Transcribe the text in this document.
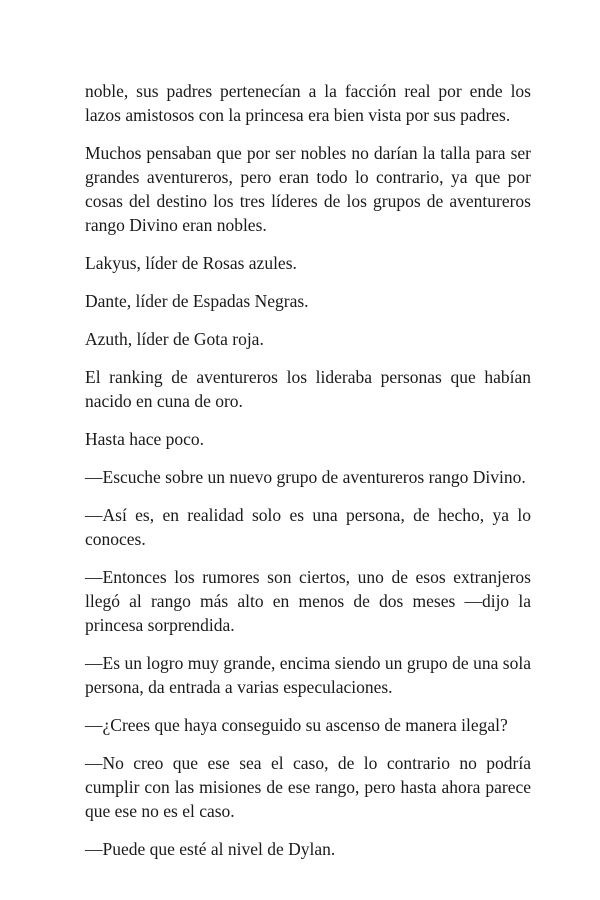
noble, sus padres pertenecían a la facción real por ende los lazos amistosos con la princesa era bien vista por sus padres.

Muchos pensaban que por ser nobles no darían la talla para ser grandes aventureros, pero eran todo lo contrario, ya que por cosas del destino los tres líderes de los grupos de aventureros rango Divino eran nobles.

Lakyus, líder de Rosas azules.

Dante, líder de Espadas Negras.

Azuth, líder de Gota roja.

El ranking de aventureros los lideraba personas que habían nacido en cuna de oro.

Hasta hace poco.

—Escuche sobre un nuevo grupo de aventureros rango Divino.

—Así es, en realidad solo es una persona, de hecho, ya lo conoces.

—Entonces los rumores son ciertos, uno de esos extranjeros llegó al rango más alto en menos de dos meses —dijo la princesa sorprendida.

—Es un logro muy grande, encima siendo un grupo de una sola persona, da entrada a varias especulaciones.

—¿Crees que haya conseguido su ascenso de manera ilegal?

—No creo que ese sea el caso, de lo contrario no podría cumplir con las misiones de ese rango, pero hasta ahora parece que ese no es el caso.

—Puede que esté al nivel de Dylan.
